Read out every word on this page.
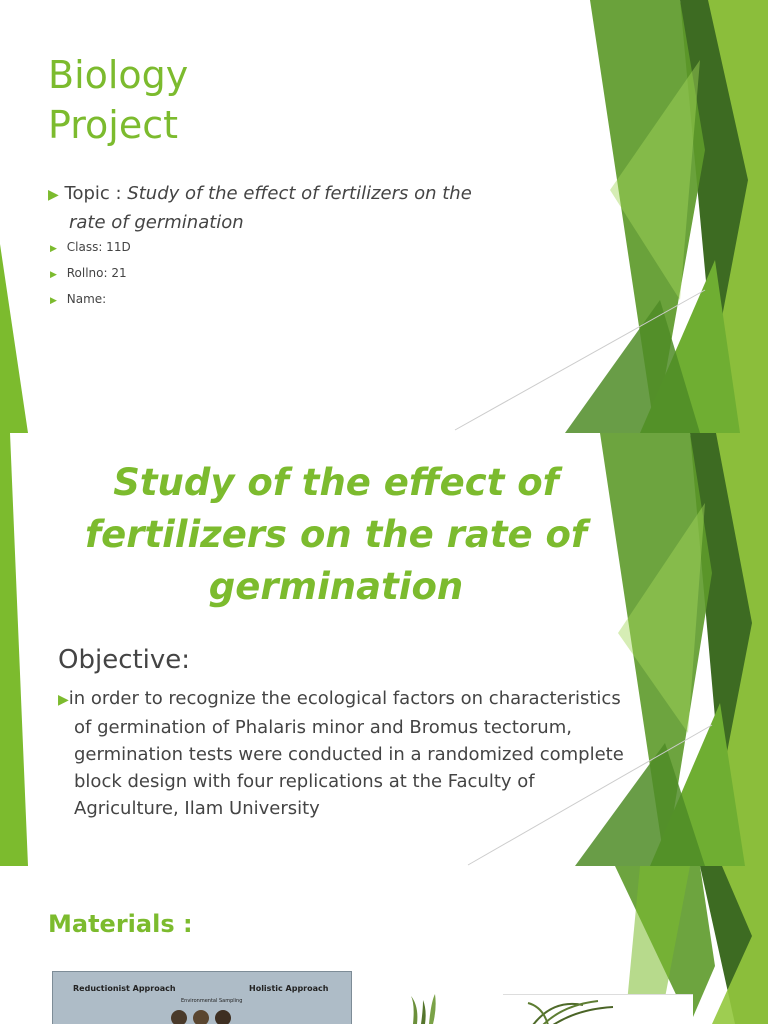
Biology
Project
▶ Topic : Study of the effect of fertilizers on the
rate of germination
▶ Class: 11D
▶ Rollno: 21
▶ Name:
Study of the effect of
fertilizers on the rate of
germination
Objective:
▶in order to recognize the ecological factors on characteristics
of germination of Phalaris minor and Bromus tectorum,
germination tests were conducted in a randomized complete
block design with four replications at the Faculty of
Agriculture, Ilam University
Materials :
Reductionist Approach	Holistic Approach
Environmental Sampling
